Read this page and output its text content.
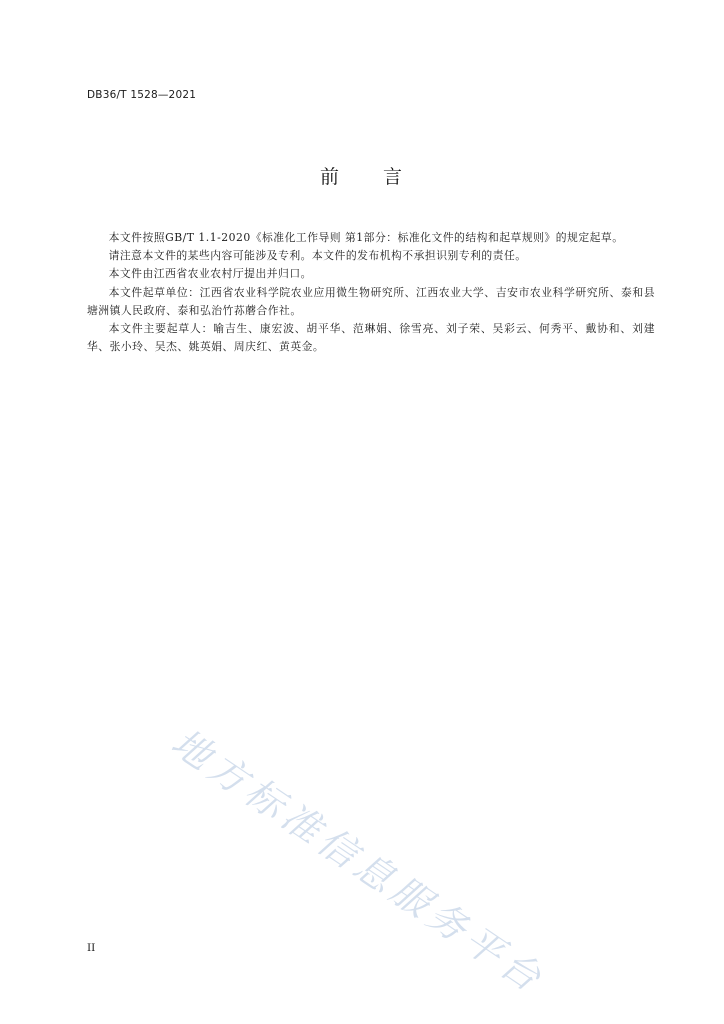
DB36/T 1528—2021
前　　言

本文件按照GB/T 1.1-2020《标准化工作导则 第1部分：标准化文件的结构和起草规则》的规定起草。

请注意本文件的某些内容可能涉及专利。本文件的发布机构不承担识别专利的责任。

本文件由江西省农业农村厅提出并归口。

本文件起草单位：江西省农业科学院农业应用微生物研究所、江西农业大学、吉安市农业科学研究所、泰和县塘洲镇人民政府、泰和弘治竹荪蘑合作社。

本文件主要起草人：喻吉生、康宏波、胡平华、范琳娟、徐雪亮、刘子荣、吴彩云、何秀平、戴协和、刘建华、张小玲、吴杰、姚英娟、周庆红、黄英金。

地方标准信息服务平台
II
